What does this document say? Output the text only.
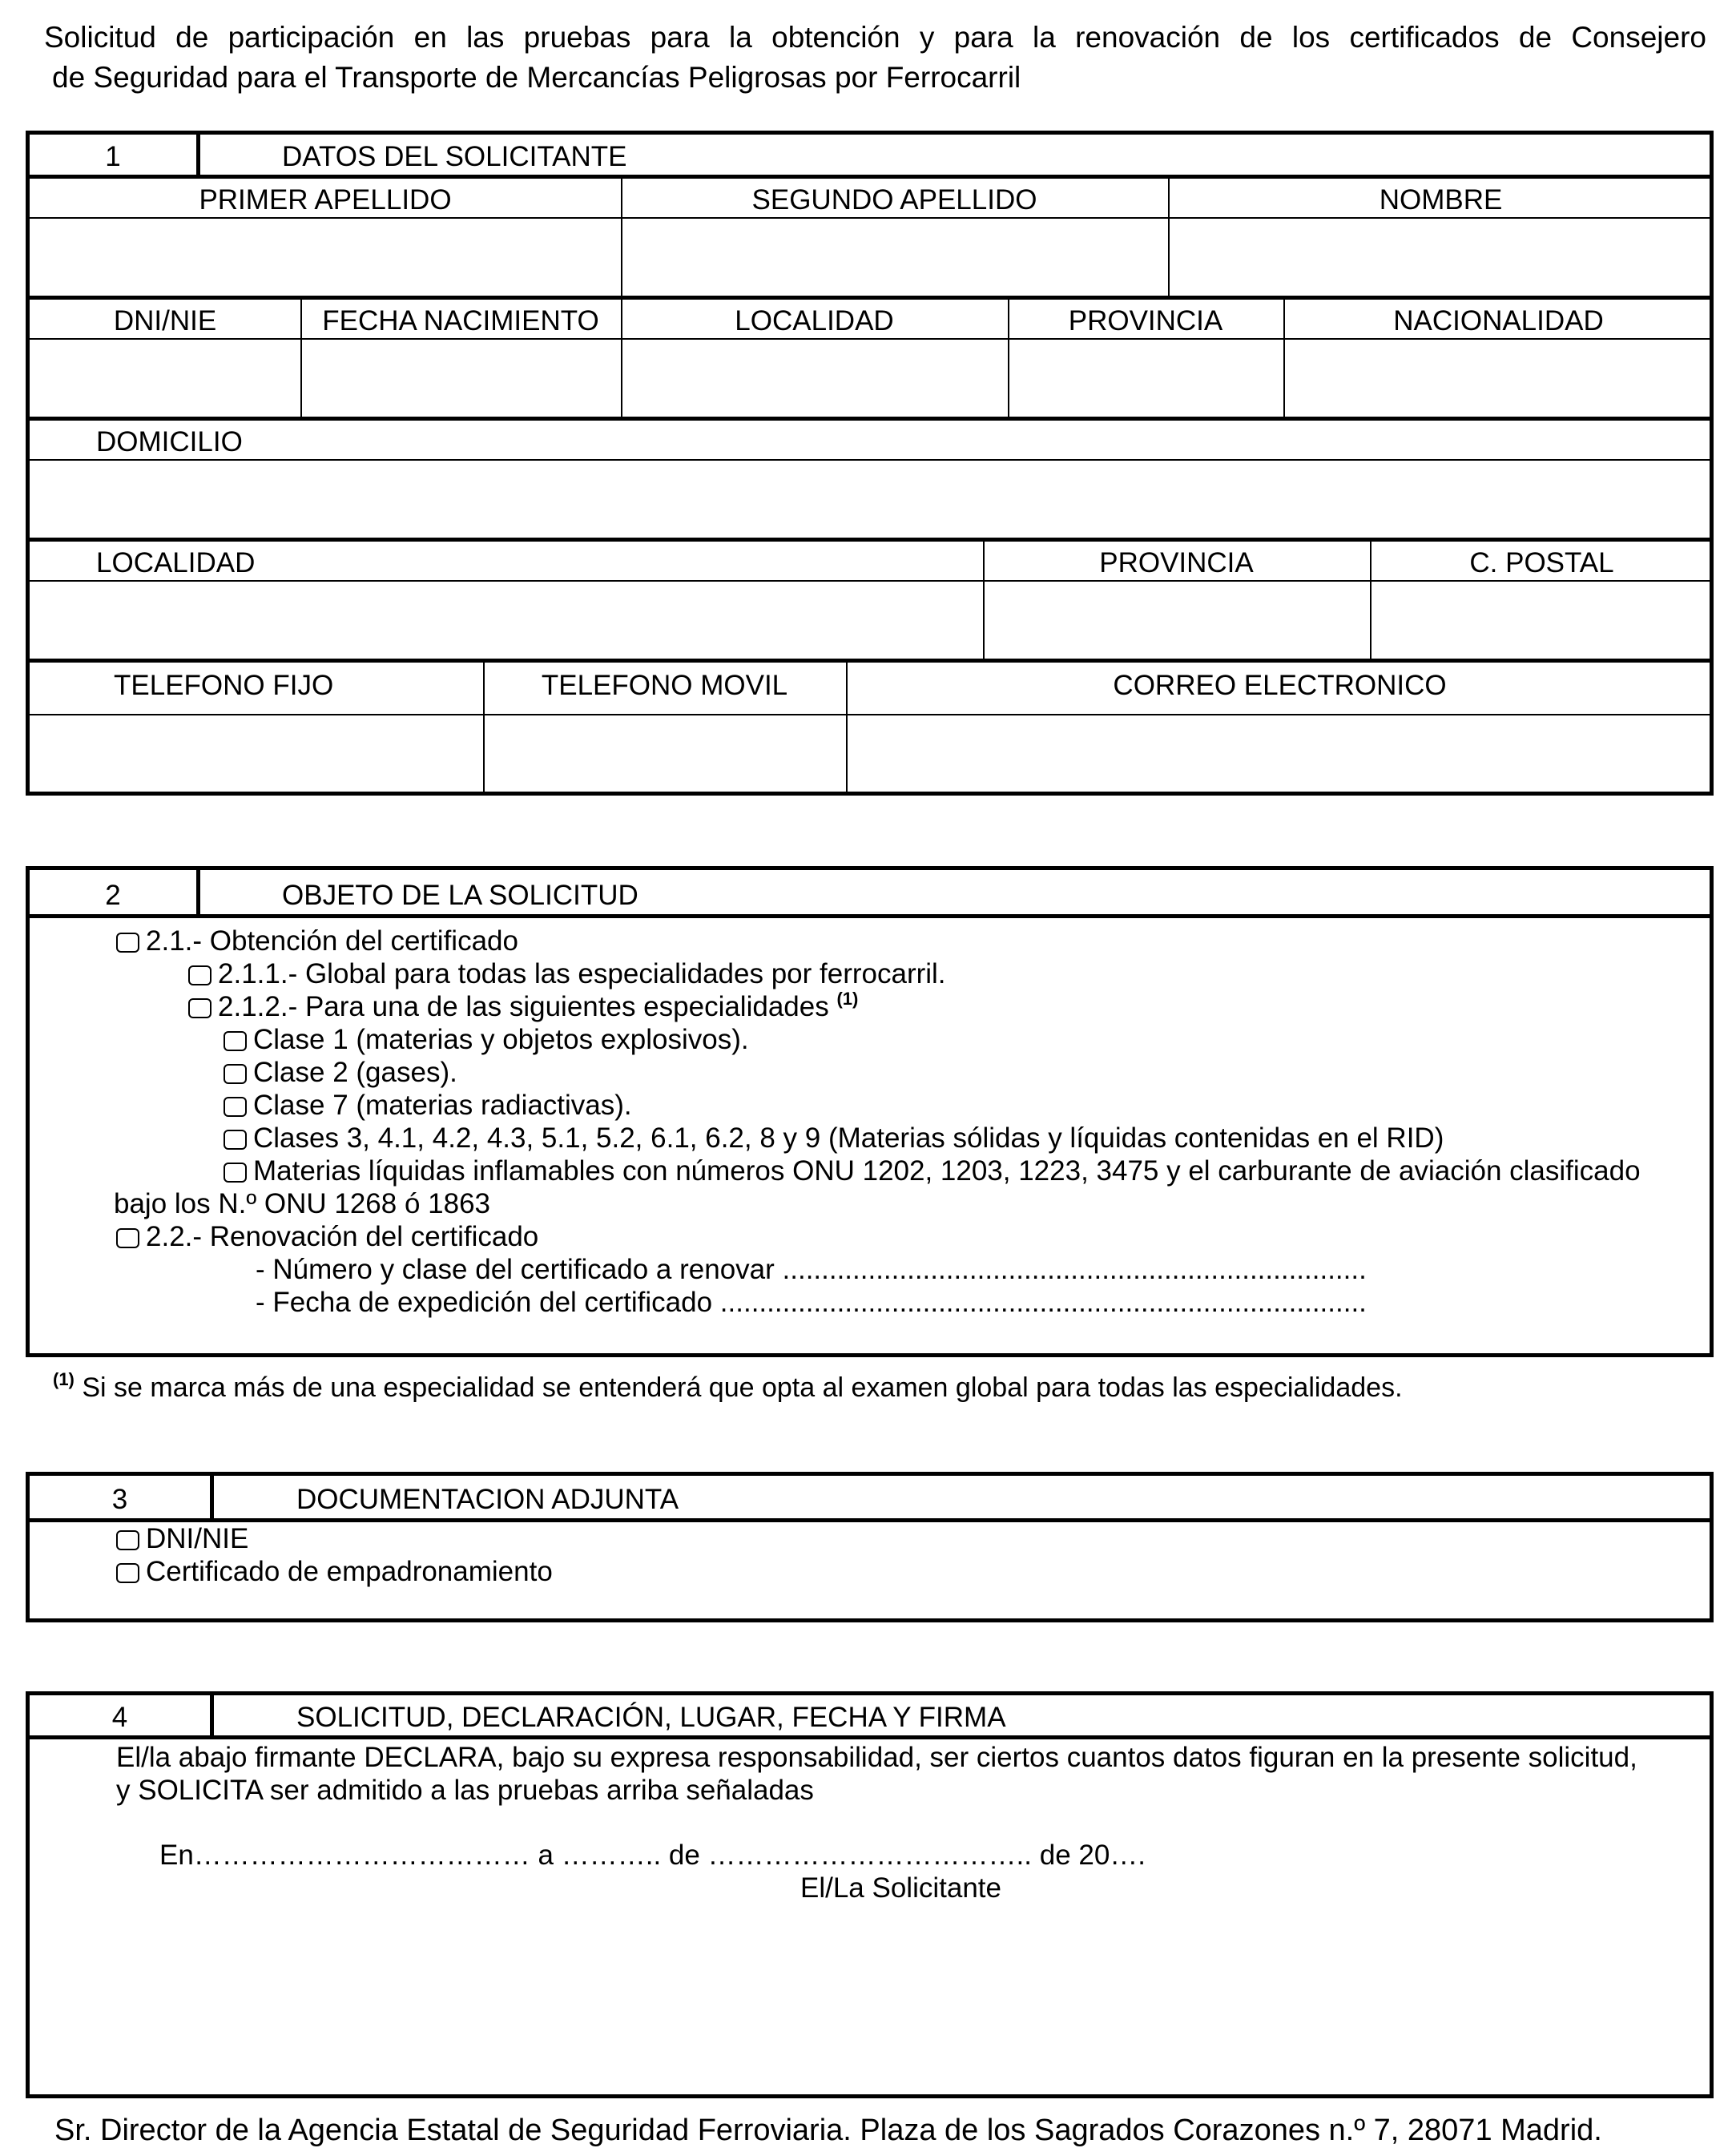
Solicitud de participación en las pruebas para la obtención y para la renovación de los certificados de Consejero
de Seguridad para el Transporte de Mercancías Peligrosas por Ferrocarril
1	DATOS DEL SOLICITANTE
PRIMER APELLIDO	SEGUNDO APELLIDO	NOMBRE
DNI/NIE	FECHA NACIMIENTO	LOCALIDAD	PROVINCIA	NACIONALIDAD
DOMICILIO
LOCALIDAD	PROVINCIA	C. POSTAL
TELEFONO FIJO	TELEFONO MOVIL	CORREO ELECTRONICO
2	OBJETO DE LA SOLICITUD
2.1.- Obtención del certificado
2.1.1.- Global para todas las especialidades por ferrocarril.
2.1.2.- Para una de las siguientes especialidades $^{(1)}$
Clase 1 (materias y objetos explosivos).
Clase 2 (gases).
Clase 7 (materias radiactivas).
Clases 3, 4.1, 4.2, 4.3, 5.1, 5.2, 6.1, 6.2, 8 y 9 (Materias sólidas y líquidas contenidas en el RID)
Materias líquidas inflamables con números ONU 1202, 1203, 1223, 3475 y el carburante de aviación clasificado
bajo los N.º ONU 1268 ó 1863
2.2.- Renovación del certificado
- Número y clase del certificado a renovar ...........................................................................
- Fecha de expedición del certificado ...................................................................................
$^{(1)}$ Si se marca más de una especialidad se entenderá que opta al examen global para todas las especialidades.
3	DOCUMENTACION ADJUNTA
DNI/NIE
Certificado de empadronamiento
4	SOLICITUD, DECLARACIÓN, LUGAR, FECHA Y FIRMA
El/la abajo firmante DECLARA, bajo su expresa responsabilidad, ser ciertos cuantos datos figuran en la presente solicitud,
y SOLICITA ser admitido a las pruebas arriba señaladas
En……………………………… a ……….. de …………………………….. de 20….
El/La Solicitante
Sr. Director de la Agencia Estatal de Seguridad Ferroviaria. Plaza de los Sagrados Corazones n.º 7, 28071 Madrid.
